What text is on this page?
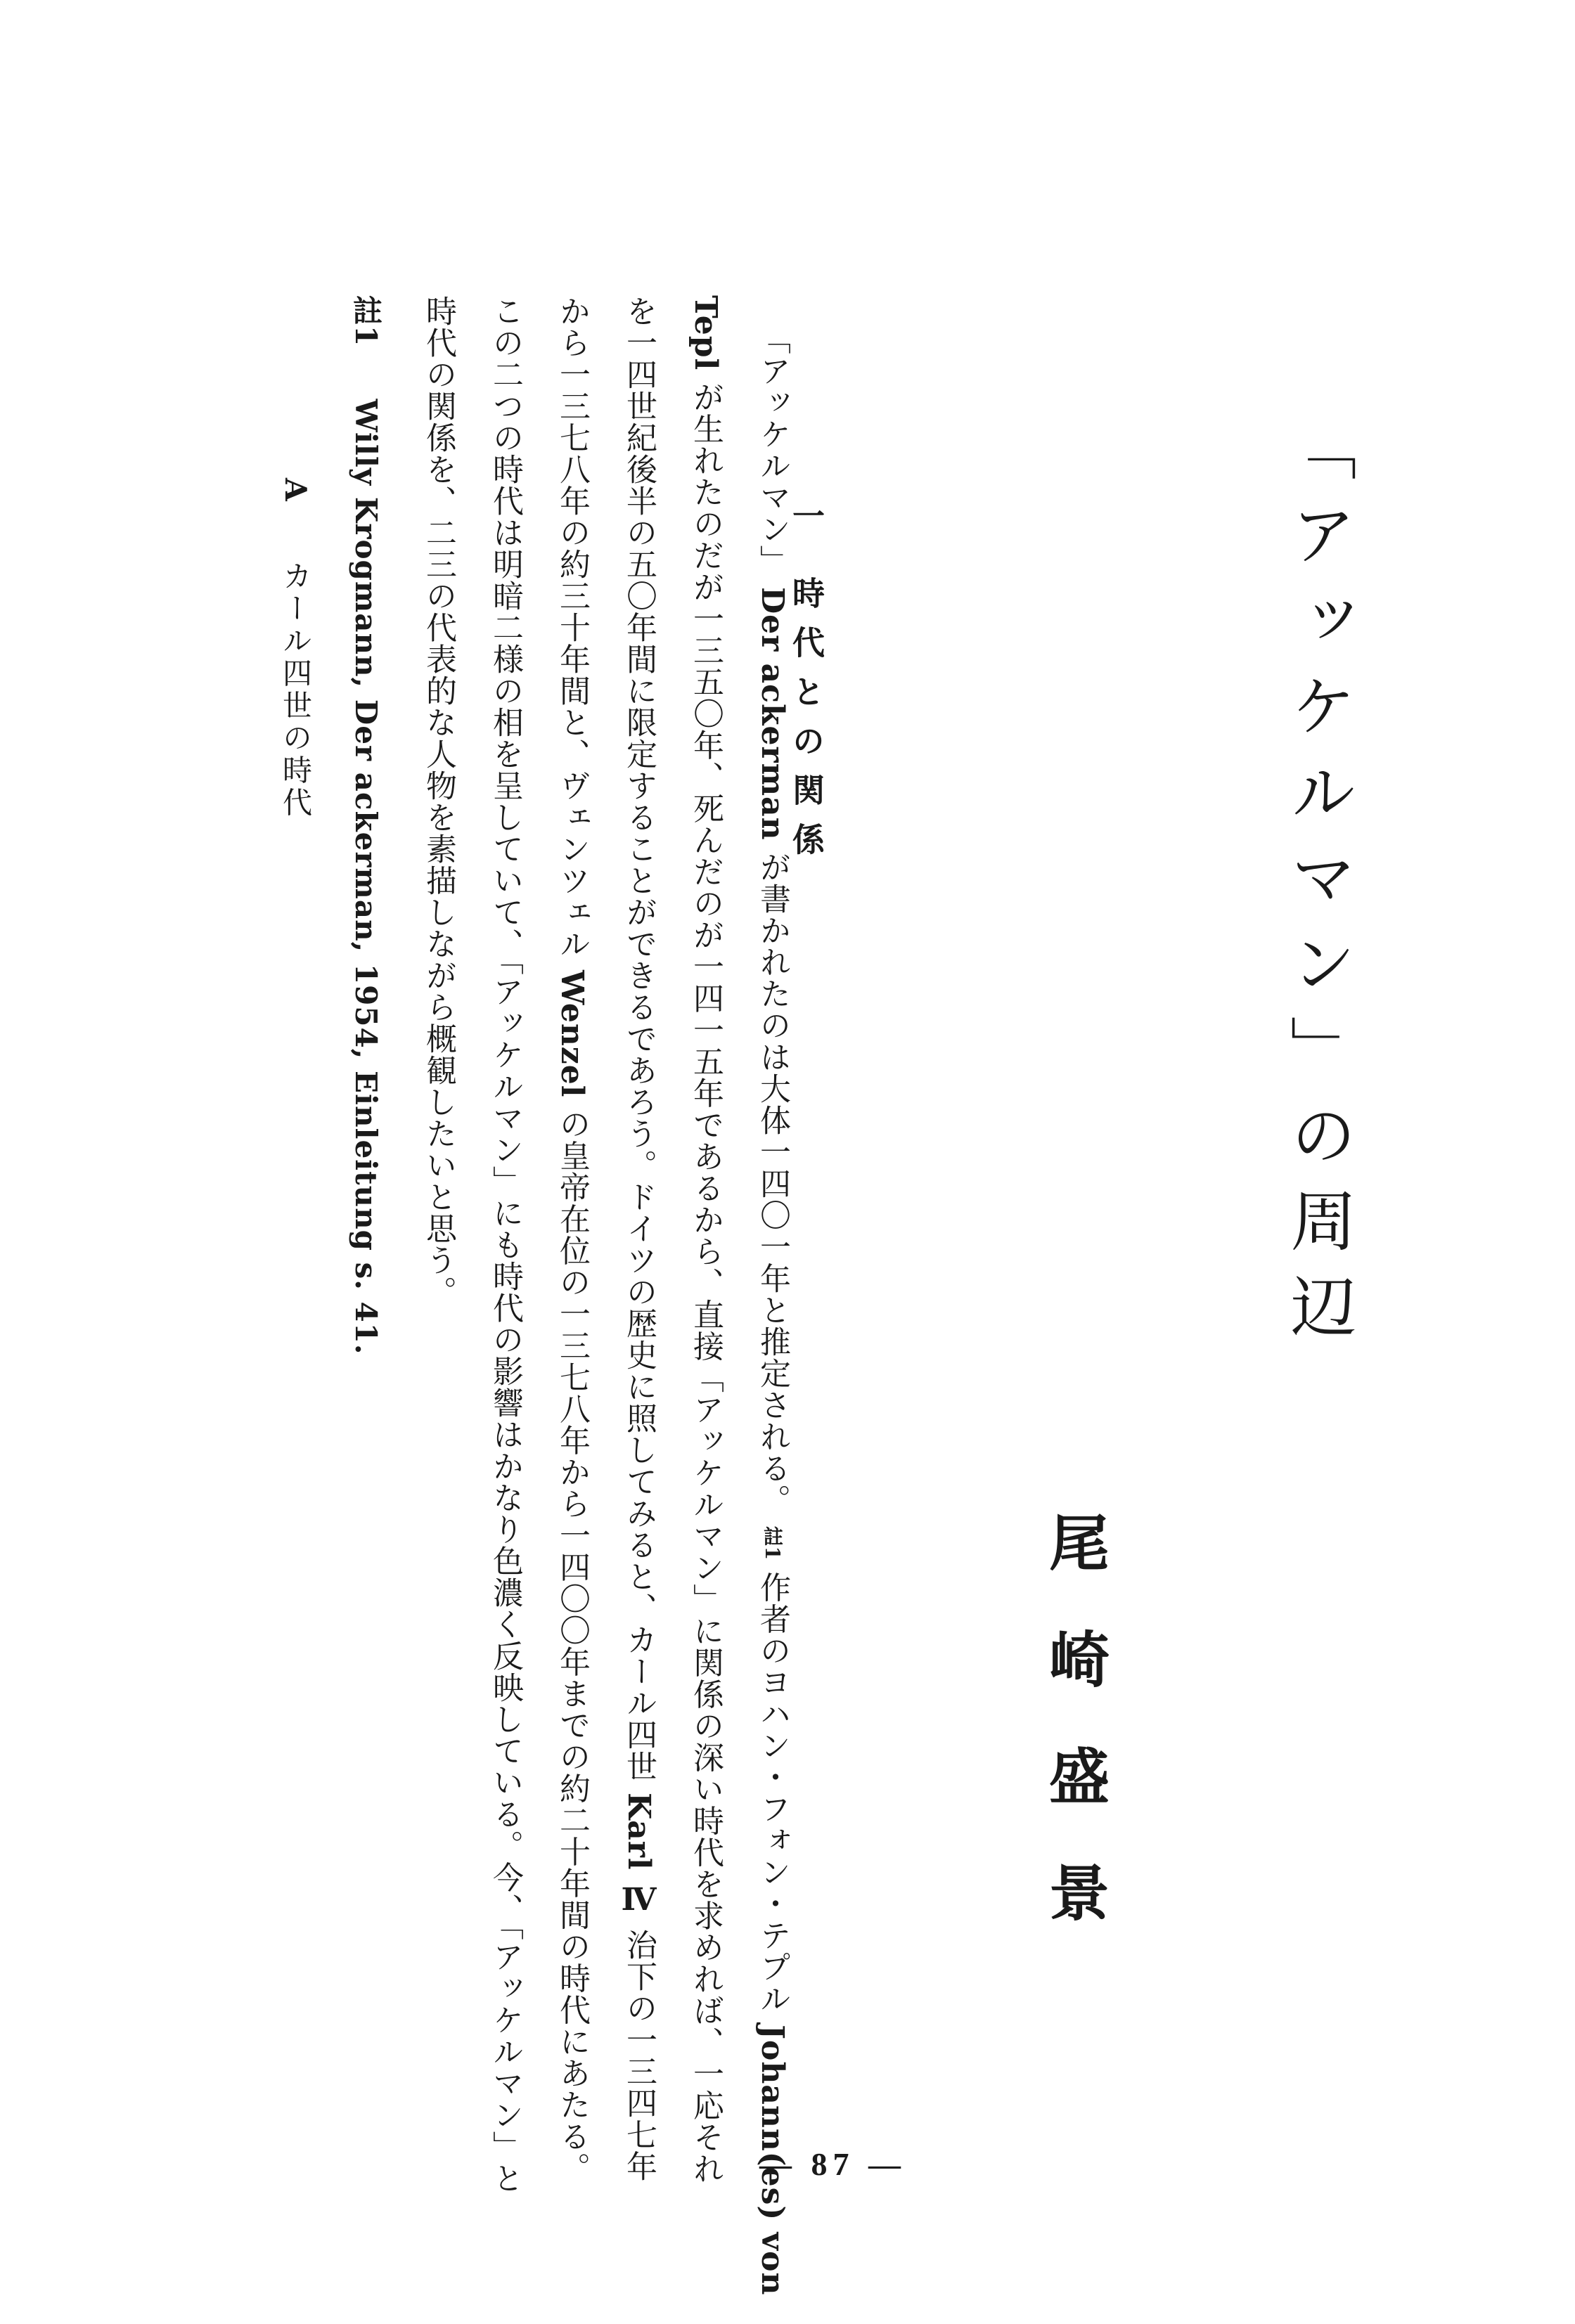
「アッケルマン」の周辺
尾崎盛景
一 時代との関係
「アッケルマン」 Der ackerman が書かれたのは大体一四〇一年と推定される。 註1 作者のヨハン・フォン・テプル Johann(es) von
Tepl が生れたのだが一三五〇年、死んだのが一四一五年であるから、直接「アッケルマン」に関係の深い時代を求めれば、一応それ
を一四世紀後半の五〇年間に限定することができるであろう。ドイツの歴史に照してみると、カール四世 Karl Ⅳ 治下の一三四七年
から一三七八年の約三十年間と、ヴェンツェル Wenzel の皇帝在位の一三七八年から一四〇〇年までの約二十年間の時代にあたる。
この二つの時代は明暗二様の相を呈していて、「アッケルマン」にも時代の影響はかなり色濃く反映している。今、「アッケルマン」と
時代の関係を、二三の代表的な人物を素描しながら概観したいと思う。
註1 　 Willy Krogmann, Der ackerman, 1954, Einleitung s. 41.
A 　 カール四世の時代
— 87 —
